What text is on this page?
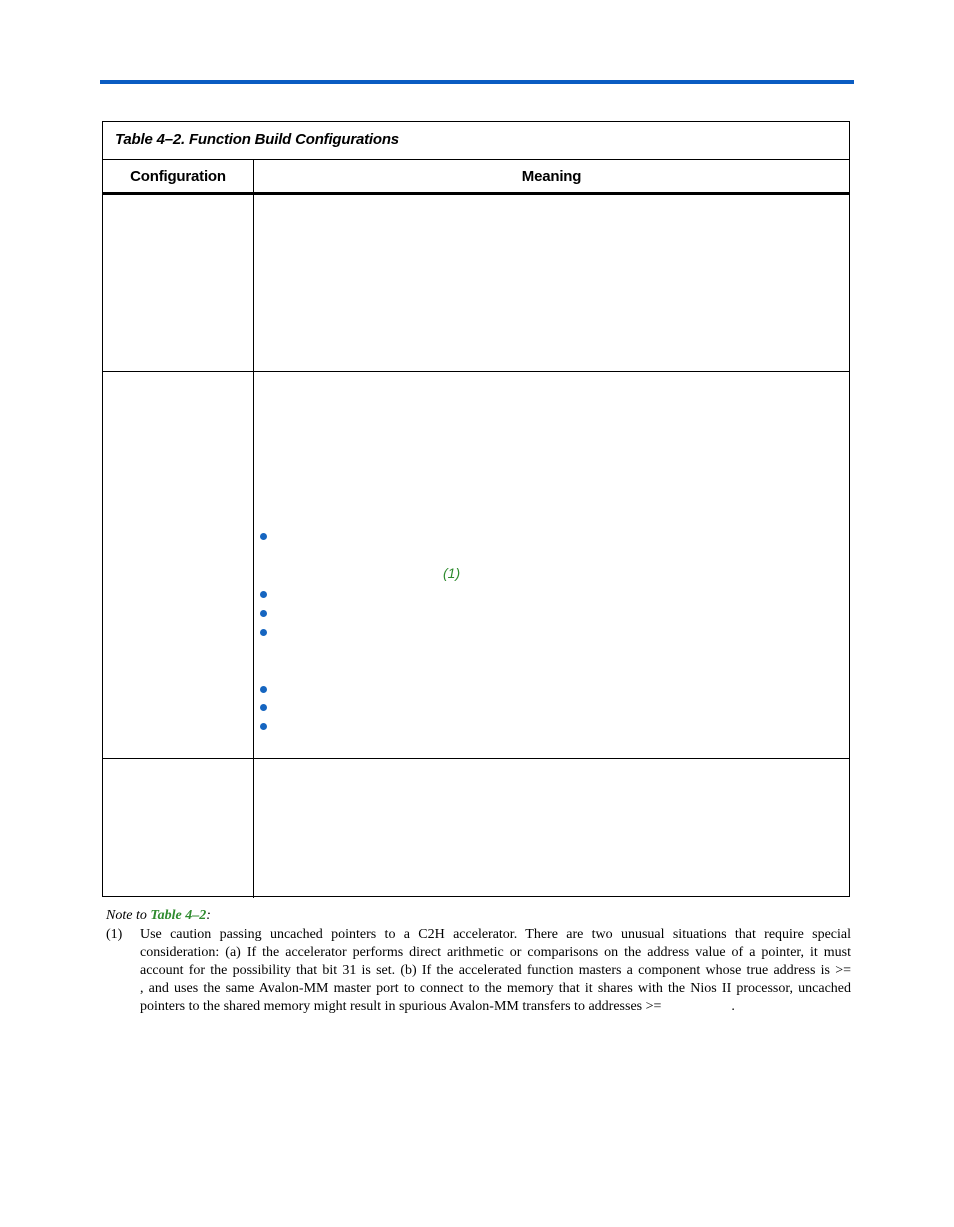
Table 4–2. Function Build Configurations
Configuration	Meaning
(1)
Note to Table 4–2:
(1) Use caution passing uncached pointers to a C2H accelerator. There are two unusual situations that require special consideration: (a) If the accelerator performs direct arithmetic or comparisons on the address value of a pointer, it must account for the possibility that bit 31 is set. (b) If the accelerated function masters a component whose true address is >=                    , and uses the same Avalon-MM master port to connect to the memory that it shares with the Nios II processor, uncached pointers to the shared memory might result in spurious Avalon-MM transfers to addresses >=                    .
